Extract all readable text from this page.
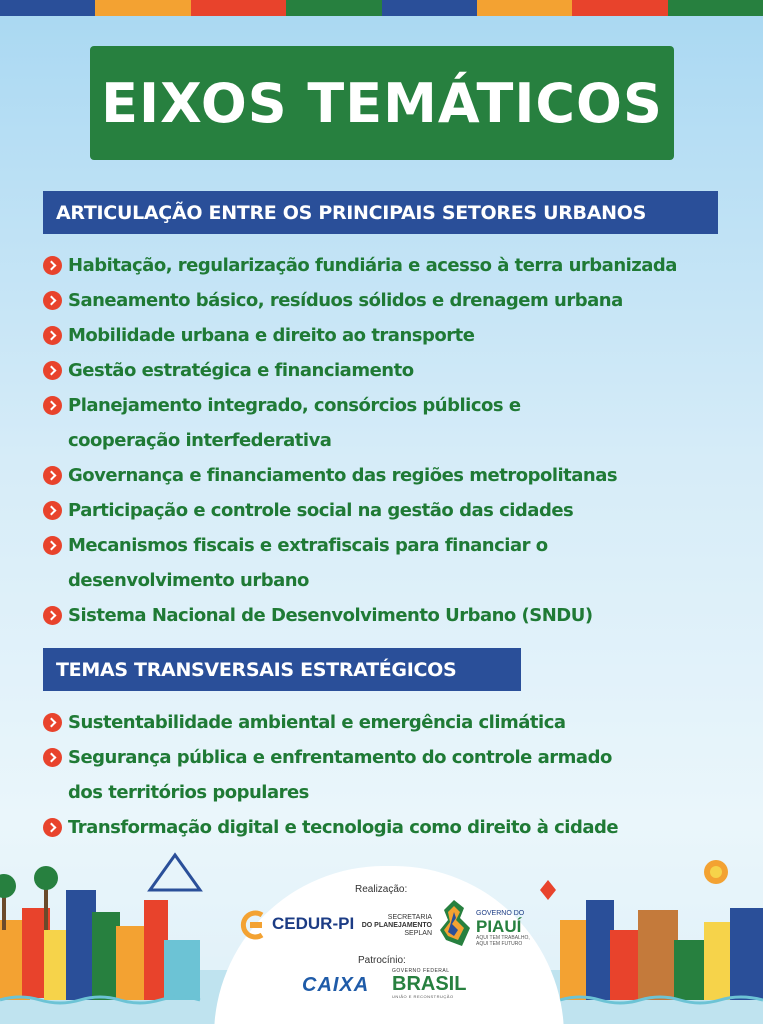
EIXOS TEMÁTICOS
ARTICULAÇÃO ENTRE OS PRINCIPAIS SETORES URBANOS
Habitação, regularização fundiária e acesso à terra urbanizada
Saneamento básico, resíduos sólidos e drenagem urbana
Mobilidade urbana e direito ao transporte
Gestão estratégica e financiamento
Planejamento integrado, consórcios públicos e cooperação interfederativa
Governança e financiamento das regiões metropolitanas
Participação e controle social na gestão das cidades
Mecanismos fiscais e extrafiscais para financiar o desenvolvimento urbano
Sistema Nacional de Desenvolvimento Urbano (SNDU)
TEMAS TRANSVERSAIS ESTRATÉGICOS
Sustentabilidade ambiental e emergência climática
Segurança pública e enfrentamento do controle armado dos territórios populares
Transformação digital e tecnologia como direito à cidade
Realização:
CEDUR-PI	SECRETARIA
DO PLANEJAMENTO
SEPLAN
GOVERNO DO
PIAUÍ
AQUI TEM TRABALHO,
AQUI TEM FUTURO
Patrocínio:
CAIXA
GOVERNO FEDERAL
BRASIL
UNIÃO E RECONSTRUÇÃO
